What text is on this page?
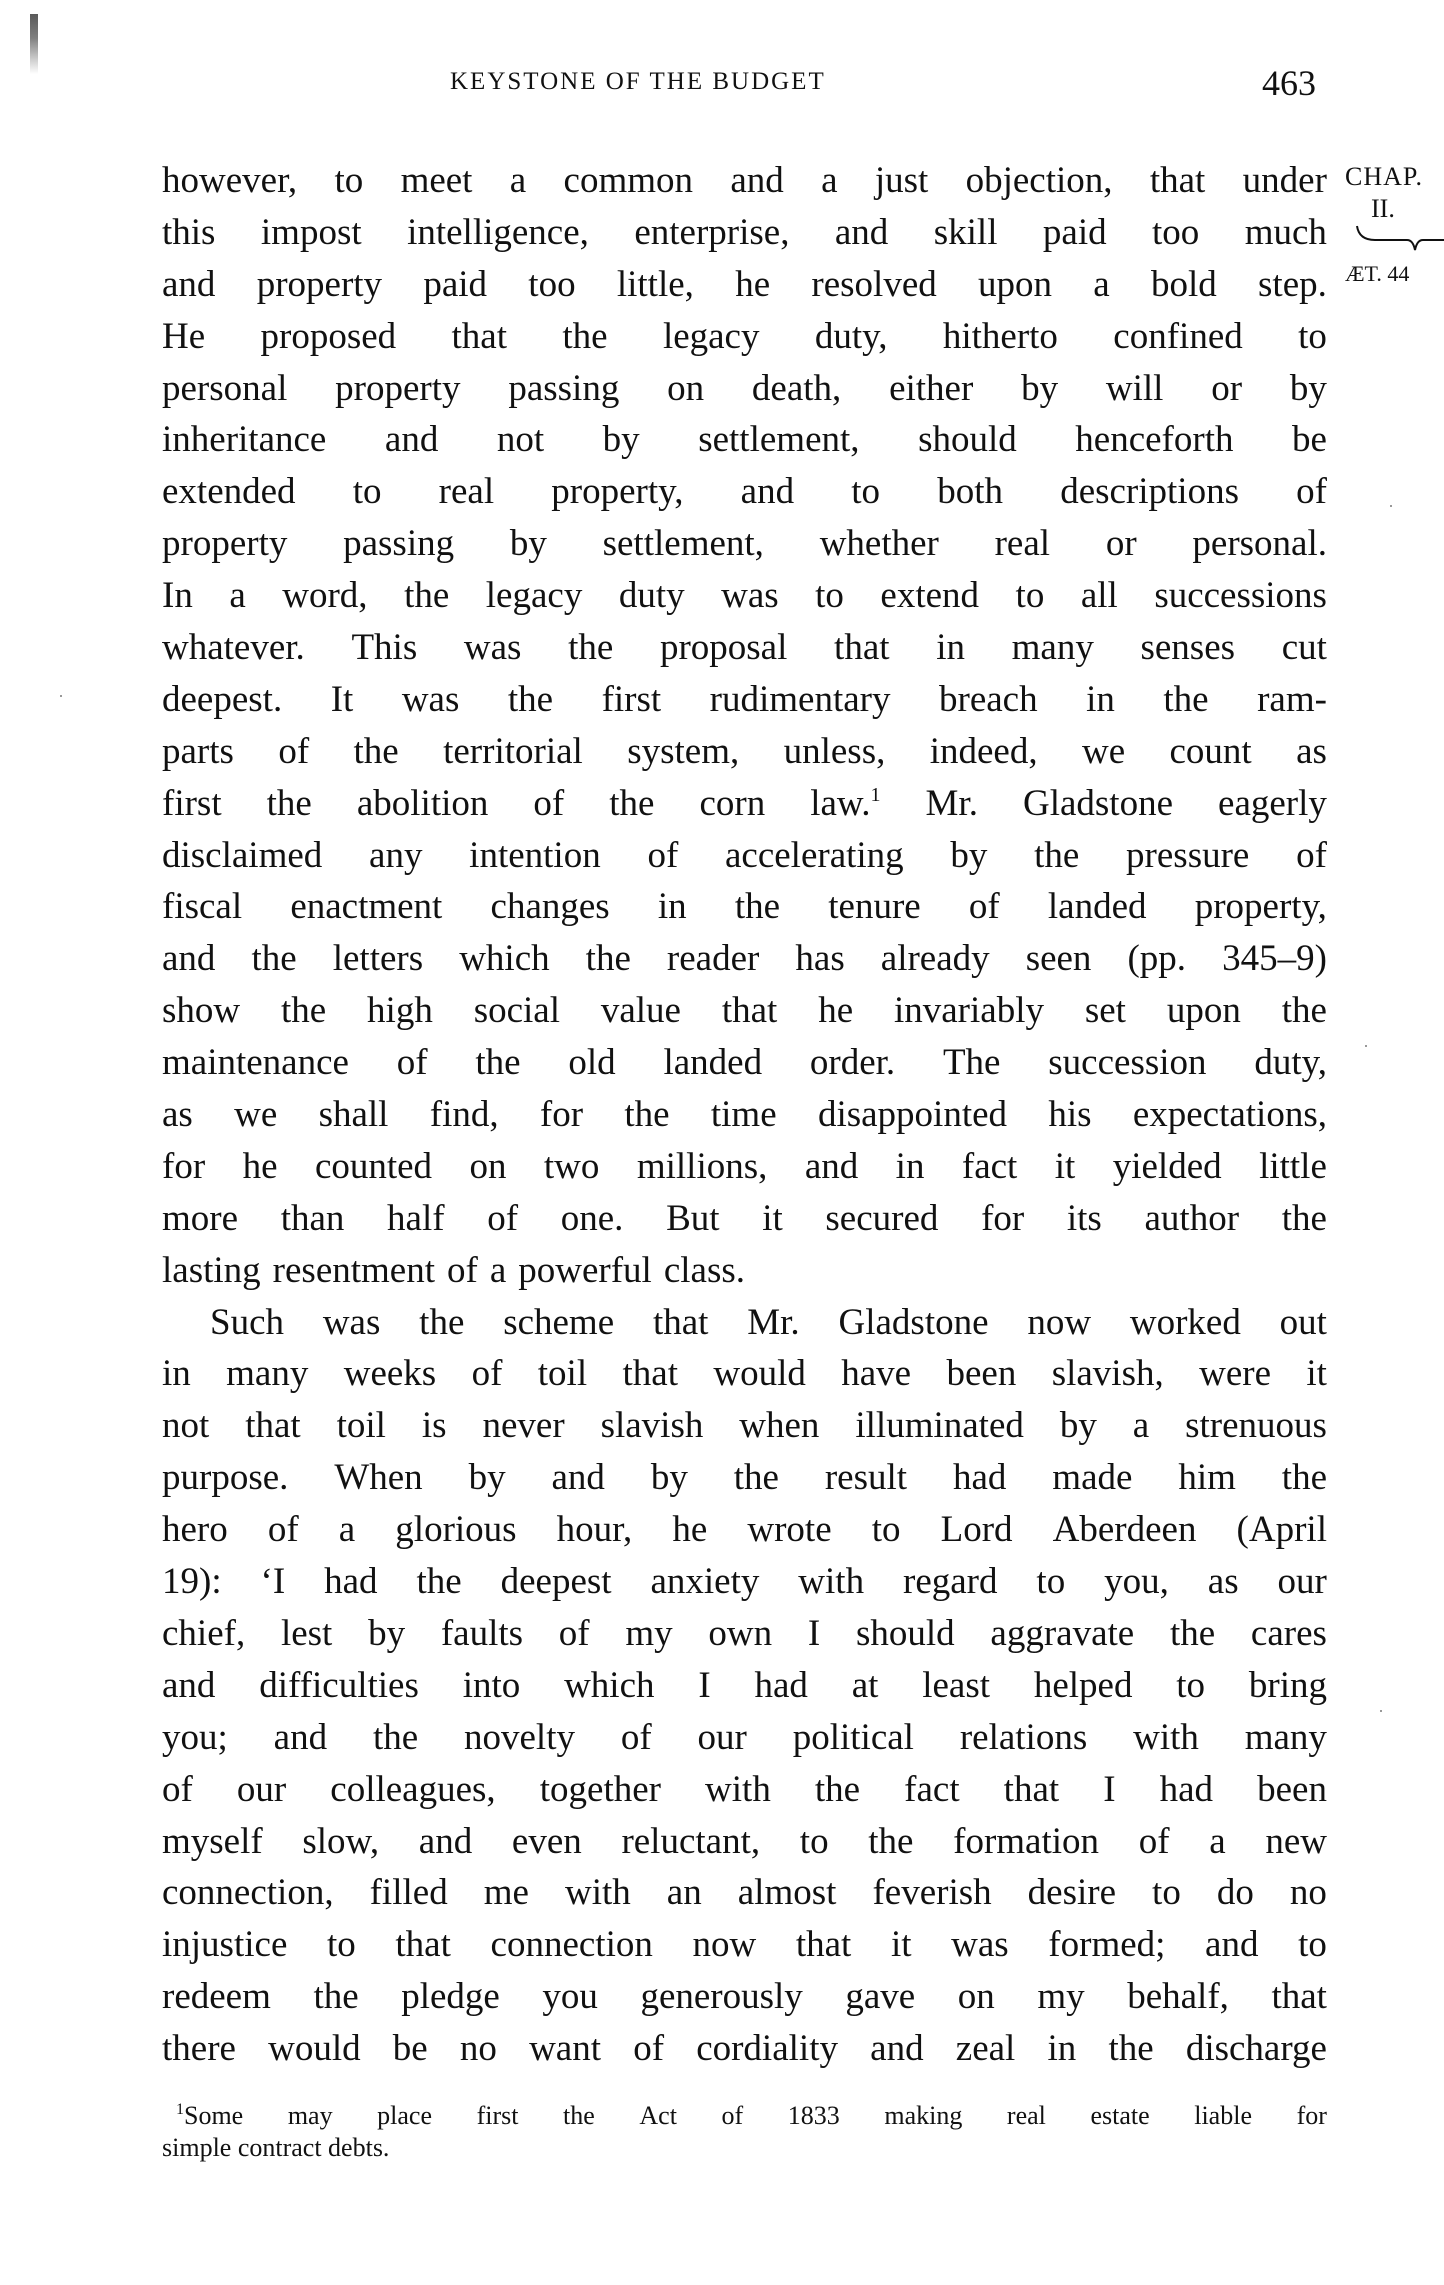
KEYSTONE OF THE BUDGET	463
CHAP.
II.
ÆT. 44
however, to meet a common and a just objection, that under
this impost intelligence, enterprise, and skill paid too much
and property paid too little, he resolved upon a bold step.
He proposed that the legacy duty, hitherto confined to
personal property passing on death, either by will or by
inheritance and not by settlement, should henceforth be
extended to real property, and to both descriptions of
property passing by settlement, whether real or personal.
In a word, the legacy duty was to extend to all successions
whatever. This was the proposal that in many senses cut
deepest. It was the first rudimentary breach in the ram-
parts of the territorial system, unless, indeed, we count as
first the abolition of the corn law.$^1$ Mr. Gladstone eagerly
disclaimed any intention of accelerating by the pressure of
fiscal enactment changes in the tenure of landed property,
and the letters which the reader has already seen (pp. 345–9)
show the high social value that he invariably set upon the
maintenance of the old landed order. The succession duty,
as we shall find, for the time disappointed his expectations,
for he counted on two millions, and in fact it yielded little
more than half of one. But it secured for its author the
lasting resentment of a powerful class.
Such was the scheme that Mr. Gladstone now worked out
in many weeks of toil that would have been slavish, were it
not that toil is never slavish when illuminated by a strenuous
purpose. When by and by the result had made him the
hero of a glorious hour, he wrote to Lord Aberdeen (April
19): ‘I had the deepest anxiety with regard to you, as our
chief, lest by faults of my own I should aggravate the cares
and difficulties into which I had at least helped to bring
you; and the novelty of our political relations with many
of our colleagues, together with the fact that I had been
myself slow, and even reluctant, to the formation of a new
connection, filled me with an almost feverish desire to do no
injustice to that connection now that it was formed; and to
redeem the pledge you generously gave on my behalf, that
there would be no want of cordiality and zeal in the discharge
$^1$Some may place first the Act of 1833 making real estate liable for
simple contract debts.
